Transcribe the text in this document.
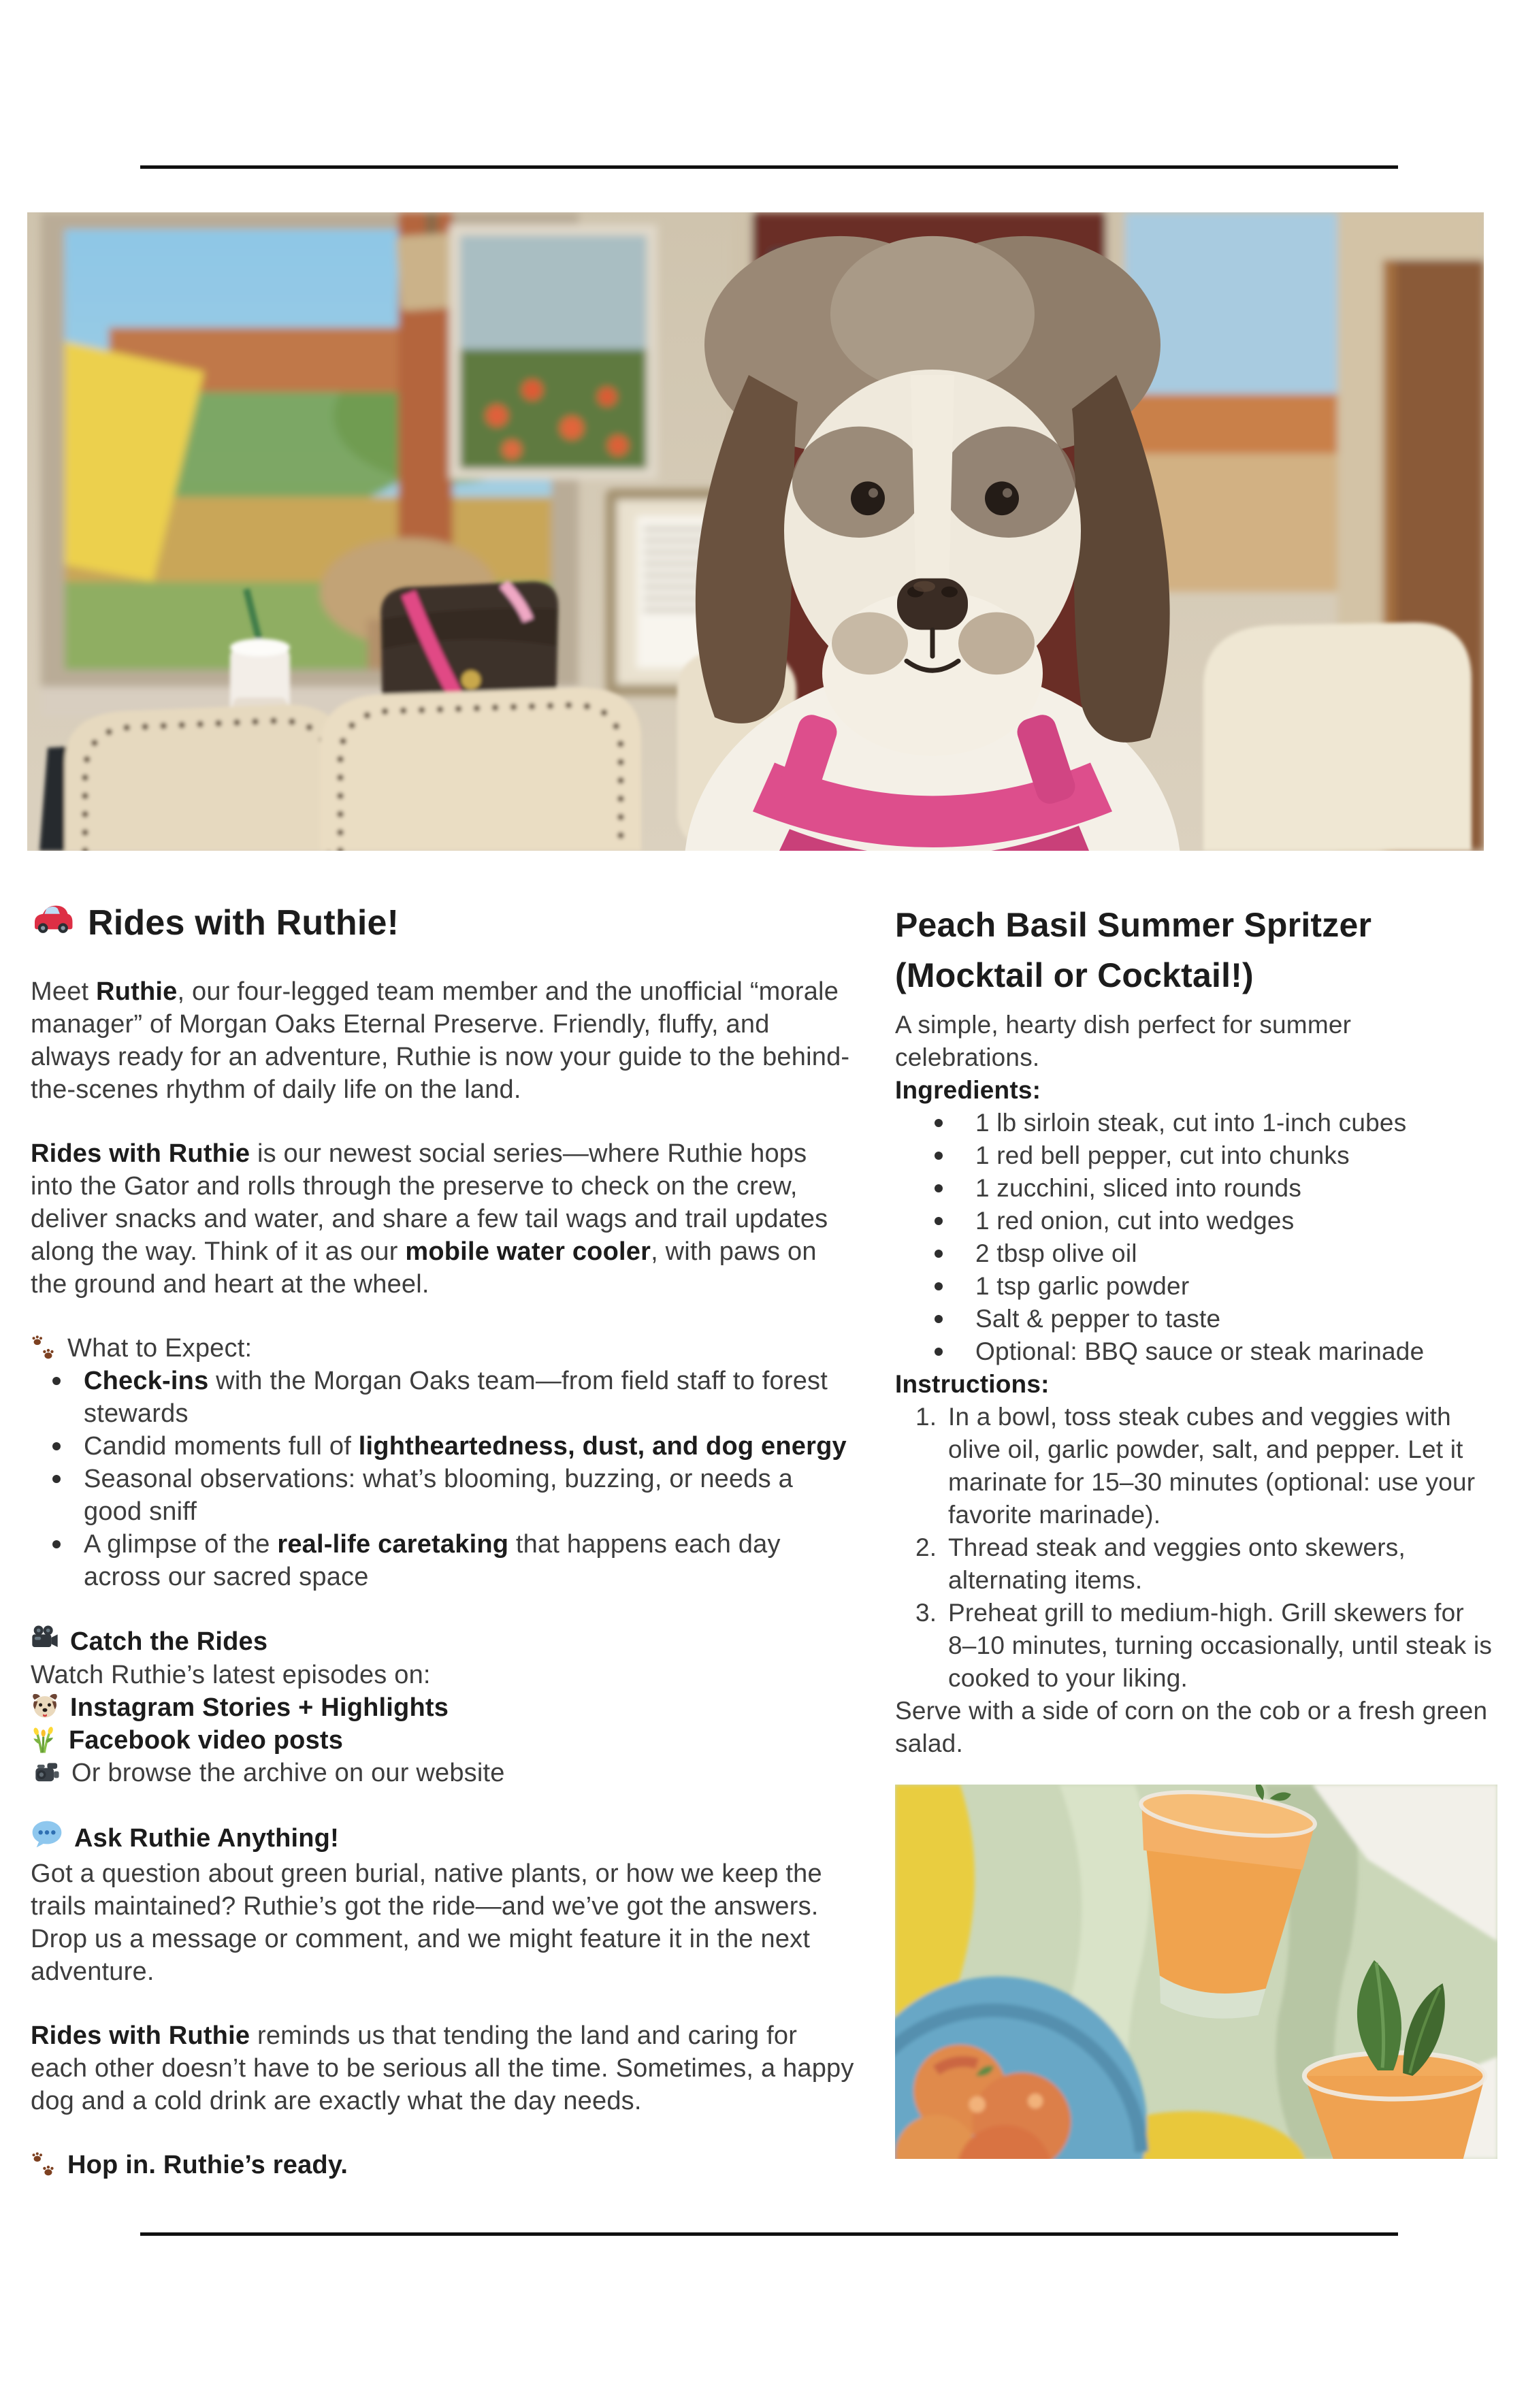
Rides with Ruthie!

Meet Ruthie, our four-legged team member and the unofficial “morale manager” of Morgan Oaks Eternal Preserve. Friendly, fluffy, and always ready for an adventure, Ruthie is now your guide to the behind-the-scenes rhythm of daily life on the land.

Rides with Ruthie is our newest social series—where Ruthie hops into the Gator and rolls through the preserve to check on the crew, deliver snacks and water, and share a few tail wags and trail updates along the way. Think of it as our mobile water cooler, with paws on the ground and heart at the wheel.

What to Expect:
Check-ins with the Morgan Oaks team—from field staff to forest stewards
Candid moments full of lightheartedness, dust, and dog energy
Seasonal observations: what’s blooming, buzzing, or needs a good sniff
A glimpse of the real-life caretaking that happens each day across our sacred space
Catch the Rides
Watch Ruthie’s latest episodes on:
Instagram Stories + Highlights
Facebook video posts
Or browse the archive on our website
Ask Ruthie Anything!

Got a question about green burial, native plants, or how we keep the trails maintained? Ruthie’s got the ride—and we’ve got the answers. Drop us a message or comment, and we might feature it in the next adventure.

Rides with Ruthie reminds us that tending the land and caring for each other doesn’t have to be serious all the time. Sometimes, a happy dog and a cold drink are exactly what the day needs.

Hop in. Ruthie’s ready.
Peach Basil Summer Spritzer (Mocktail or Cocktail!)

A simple, hearty dish perfect for summer celebrations.

Ingredients:

1 lb sirloin steak, cut into 1-inch cubes
1 red bell pepper, cut into chunks
1 zucchini, sliced into rounds
1 red onion, cut into wedges
2 tbsp olive oil
1 tsp garlic powder
Salt & pepper to taste
Optional: BBQ sauce or steak marinade

Instructions:

In a bowl, toss steak cubes and veggies with olive oil, garlic powder, salt, and pepper. Let it marinate for 15–30 minutes (optional: use your favorite marinade).
Thread steak and veggies onto skewers, alternating items.
Preheat grill to medium-high. Grill skewers for 8–10 minutes, turning occasionally, until steak is cooked to your liking.

Serve with a side of corn on the cob or a fresh green salad.
